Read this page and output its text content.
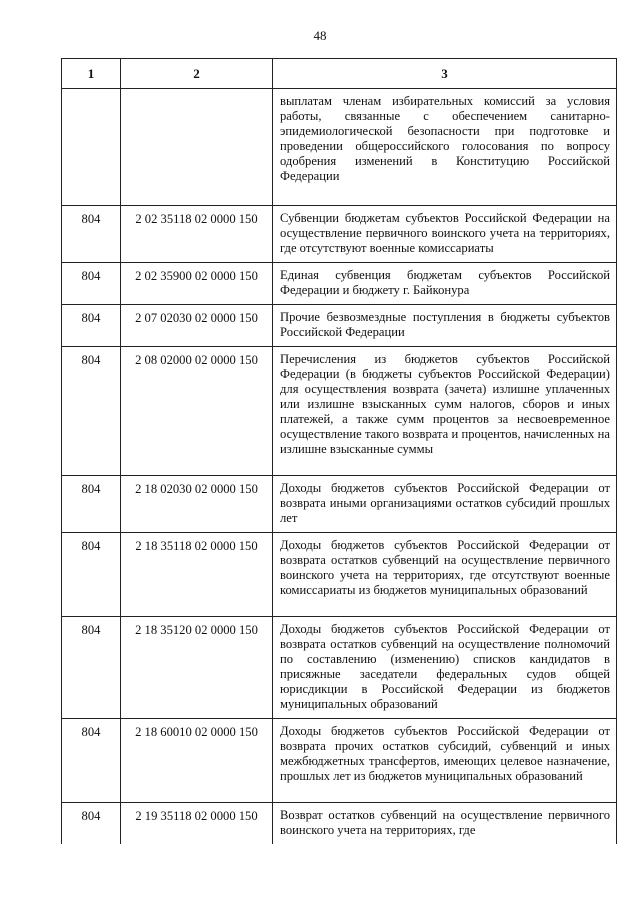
48
1	2	3
		выплатам членам избирательных комиссий за условия работы, связанные с обеспечением санитарно-эпидемиологической безопасности при подготовке и проведении общероссийского голосования по вопросу одобрения изменений в Конституцию Российской Федерации
804	2 02 35118 02 0000 150	Субвенции бюджетам субъектов Российской Федерации на осуществление первичного воинского учета на территориях, где отсутствуют военные комиссариаты
804	2 02 35900 02 0000 150	Единая субвенция бюджетам субъектов Российской Федерации и бюджету г. Байконура
804	2 07 02030 02 0000 150	Прочие безвозмездные поступления в бюджеты субъектов Российской Федерации
804	2 08 02000 02 0000 150	Перечисления из бюджетов субъектов Российской Федерации (в бюджеты субъектов Российской Федерации) для осуществления возврата (зачета) излишне уплаченных или излишне взысканных сумм налогов, сборов и иных платежей, а также сумм процентов за несвоевременное осуществление такого возврата и процентов, начисленных на излишне взысканные суммы
804	2 18 02030 02 0000 150	Доходы бюджетов субъектов Российской Федерации от возврата иными организациями остатков субсидий прошлых лет
804	2 18 35118 02 0000 150	Доходы бюджетов субъектов Российской Федерации от возврата остатков субвенций на осуществление первичного воинского учета на территориях, где отсутствуют военные комиссариаты из бюджетов муниципальных образований
804	2 18 35120 02 0000 150	Доходы бюджетов субъектов Российской Федерации от возврата остатков субвенций на осуществление полномочий по составлению (изменению) списков кандидатов в присяжные заседатели федеральных судов общей юрисдикции в Российской Федерации из бюджетов муниципальных образований
804	2 18 60010 02 0000 150	Доходы бюджетов субъектов Российской Федерации от возврата прочих остатков субсидий, субвенций и иных межбюджетных трансфертов, имеющих целевое назначение, прошлых лет из бюджетов муниципальных образований
804	2 19 35118 02 0000 150	Возврат остатков субвенций на осуществление первичного воинского учета на территориях, где
